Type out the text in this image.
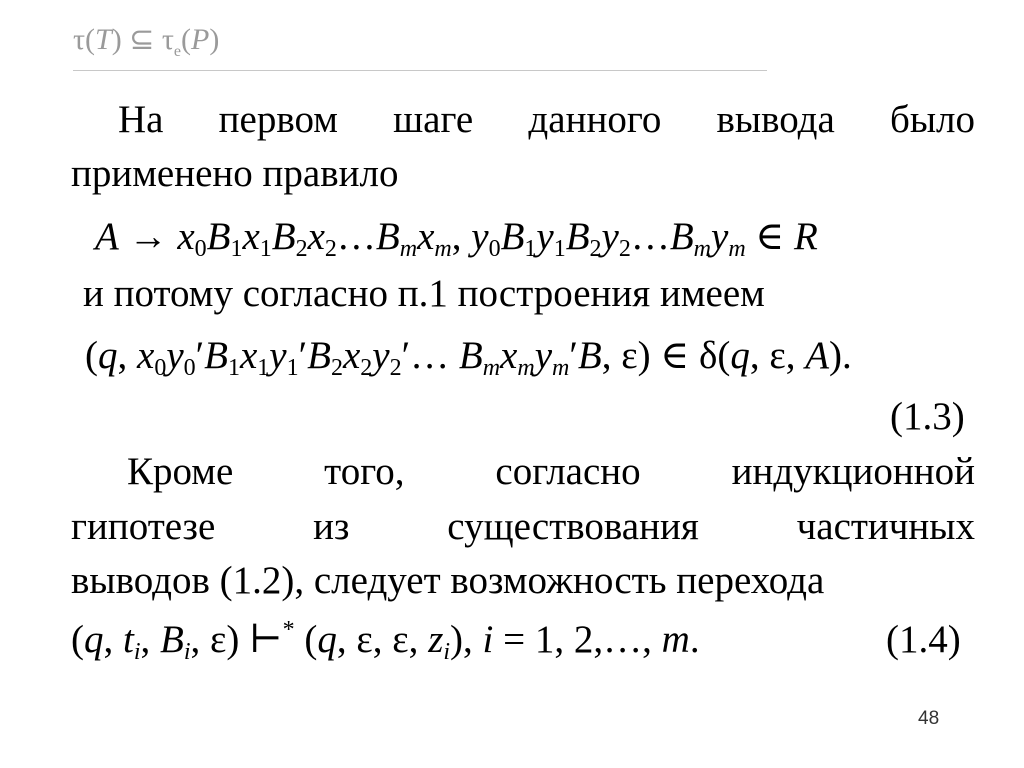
τ(T) ⊆ $\tau_e(P)$
На первом шаге данного вывода было
применено правило
$A \to x_0B_1x_1B_2x_2\dots B_mx_m$, $y_0B_1y_1B_2y_2\dots B_my_m$ ∈ R
и потому согласно п.1 построения имеем
(q, $x_0y_0'B_1x_1y_1'B_2x_2y_2'\dots$ $B_mx_my_m'B$, ε) ∈ δ(q, ε, A).
(1.3)
Кроме того, согласно индукционной
гипотезе	из	существования	частичных
выводов (1.2), следует возможность перехода
(q, $t_i$, $B_i$, ε) ⊢* (q, ε, ε, $z_i$), i = 1, 2,…, m.	(1.4)
48
